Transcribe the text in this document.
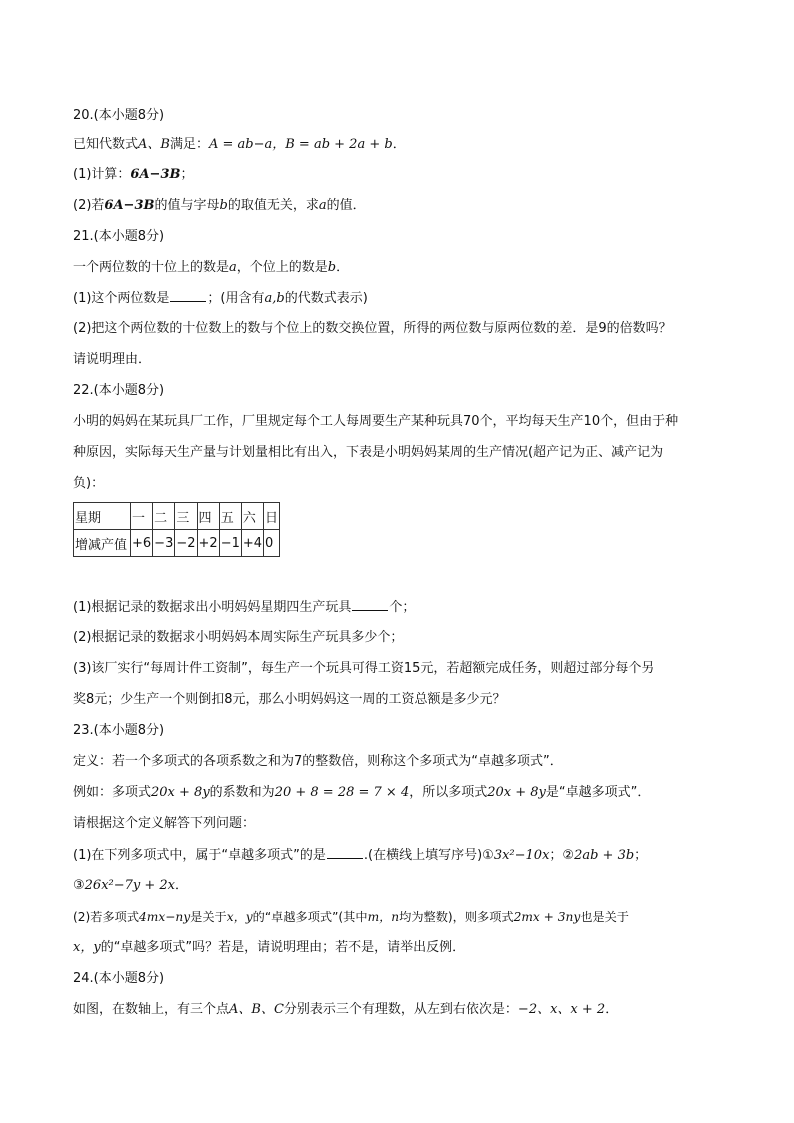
20.(本小题8分)
已知代数式A、B满足：A = ab−a，B = ab + 2a + b．
(1)计算：6A−3B；
(2)若6A−3B的值与字母b的取值无关，求a的值．
21.(本小题8分)
一个两位数的十位上的数是a，个位上的数是b．
(1)这个两位数是	；(用含有a,b的代数式表示)
(2)把这个两位数的十位数上的数与个位上的数交换位置，所得的两位数与原两位数的差．是9的倍数吗？
请说明理由．
22.(本小题8分)
小明的妈妈在某玩具厂工作，厂里规定每个工人每周要生产某种玩具70个，平均每天生产10个，但由于种
种原因，实际每天生产量与计划量相比有出入，下表是小明妈妈某周的生产情况(超产记为正、减产记为
负)：
星期	一	二	三	四	五	六	日
增减产值	+6	−3	−2	+2	−1	+4	0
(1)根据记录的数据求出小明妈妈星期四生产玩具	个；
(2)根据记录的数据求小明妈妈本周实际生产玩具多少个；
(3)该厂实行“每周计件工资制”，每生产一个玩具可得工资15元，若超额完成任务，则超过部分每个另
奖8元；少生产一个则倒扣8元，那么小明妈妈这一周的工资总额是多少元？
23.(本小题8分)
定义：若一个多项式的各项系数之和为7的整数倍，则称这个多项式为“卓越多项式”．
例如：多项式20x + 8y的系数和为20 + 8 = 28 = 7 × 4，所以多项式20x + 8y是“卓越多项式”．
请根据这个定义解答下列问题：
(1)在下列多项式中，属于“卓越多项式”的是	.(在横线上填写序号)①3x²−10x；②2ab + 3b；
③26x²−7y + 2x．
(2)若多项式4mx−ny是关于x，y的“卓越多项式”(其中m，n均为整数)，则多项式2mx + 3ny也是关于
x，y的“卓越多项式”吗？若是，请说明理由；若不是，请举出反例．
24.(本小题8分)
如图，在数轴上，有三个点A、B、C分别表示三个有理数，从左到右依次是：−2、x、x + 2．
